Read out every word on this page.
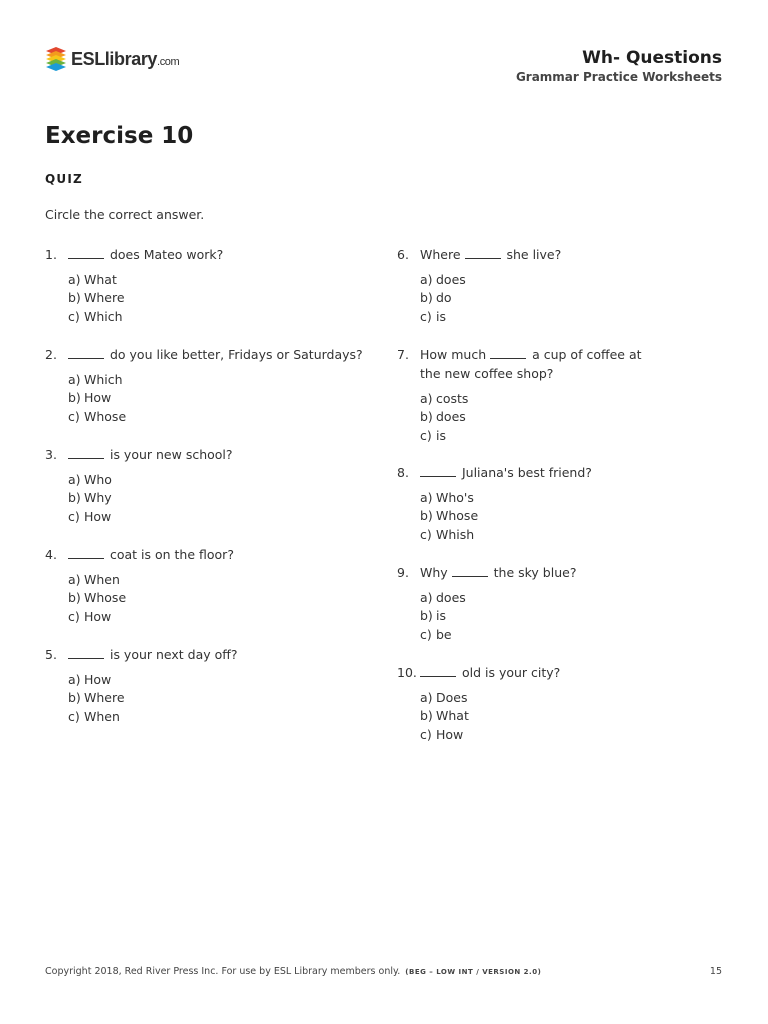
ESLlibrary.com	Wh- Questions
Grammar Practice Worksheets
Exercise 10
QUIZ
Circle the correct answer.
1.	does Mateo work?
a) What
b) Where
c) Which
2.	do you like better, Fridays or Saturdays?
a) Which
b) How
c) Whose
3.	is your new school?
a) Who
b) Why
c) How
4.	coat is on the floor?
a) When
b) Whose
c) How
5.	is your next day off?
a) How
b) Where
c) When
6. Where	she live?
a) does
b) do
c) is
7. How much	a cup of coffee at the new coffee shop?
a) costs
b) does
c) is
8.	Juliana's best friend?
a) Who's
b) Whose
c) Whish
9. Why	the sky blue?
a) does
b) is
c) be
10.	old is your city?
a) Does
b) What
c) How
Copyright 2018, Red River Press Inc. For use by ESL Library members only. (BEG – LOW INT / VERSION 2.0)	15
